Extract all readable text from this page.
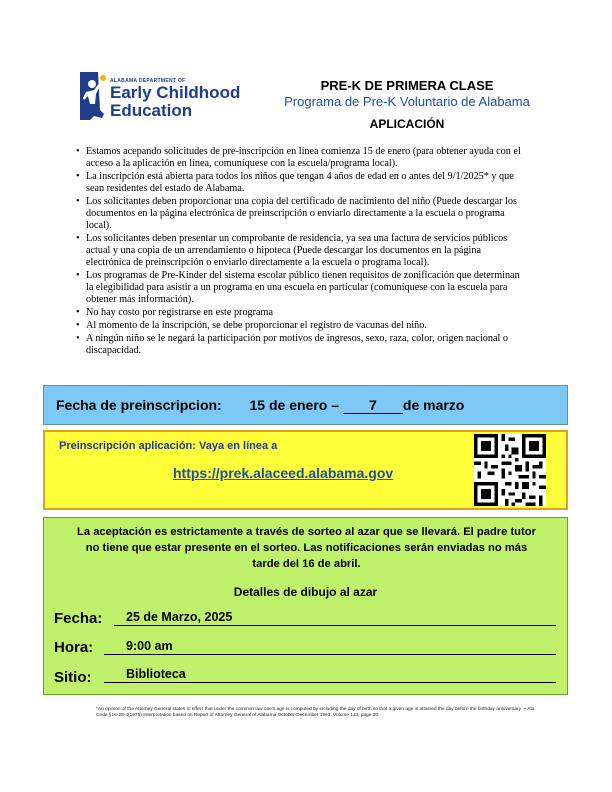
ALABAMA DEPARTMENT OF
Early Childhood
Education
PRE-K DE PRIMERA CLASE
Programa de Pre-K Voluntario de Alabama
APLICACIÓN
• Estamos acepando solicitudes de pre-inscripción en línea comienza 15 de enero (para obtener ayuda con el acceso a la aplicación en línea, comuníquese con la escuela/programa local).
• La inscripción está abierta para todos los niños que tengan 4 años de edad en o antes del 9/1/2025* y que sean residentes del estado de Alabama.
• Los solicitantes deben proporcionar una copia del certificado de nacimiento del niño (Puede descargar los documentos en la página electrónica de preinscripción o enviarlo directamente a la escuela o programa local).
• Los solicitantes deben presentar un comprobante de residencia, ya sea una factura de servicios públicos actual y una copia de un arrendamiento o hipoteca (Puede descargar los documentos en la página electrónica de preinscripción o enviarlo directamente a la escuela o programa local).
• Los programas de Pre-Kinder del sistema escolar público tienen requisitos de zonificación que determinan la elegibilidad para asistir a un programa en una escuela en particular (comuníquese con la escuela para obtener más información).
• No hay costo por registrarse en este programa
• Al momento de la inscripción, se debe proporcionar el registro de vacunas del niño.
• A ningún niño se le negará la participación por motivos de ingresos, sexo, raza, color, origen nacional o discapacidad.
Fecha de preinscripcion: 15 de enero – 7 de marzo
Preinscripción aplicación: Vaya en línea a
https://prek.alaceed.alabama.gov
La aceptación es estrictamente a través de sorteo al azar que se llevará. El padre tutor no tiene que estar presente en el sorteo. Las notificaciones serán enviadas no más tarde del 16 de abril.
Detalles de dibujo al azar
Fecha:	25 de Marzo, 2025
Hora:	9:00 am
Sitio:	Biblioteca
*An opinion of the Attorney General states in effect that under the common law one's age is computed by including the day of birth so that a given age is attained the day before the birthday anniversary. ~ Ala. Code §16-28-4(1975) Interpretation based on Report of Attorney General of Alabama October-December 1963, Volume 113, page 20.
